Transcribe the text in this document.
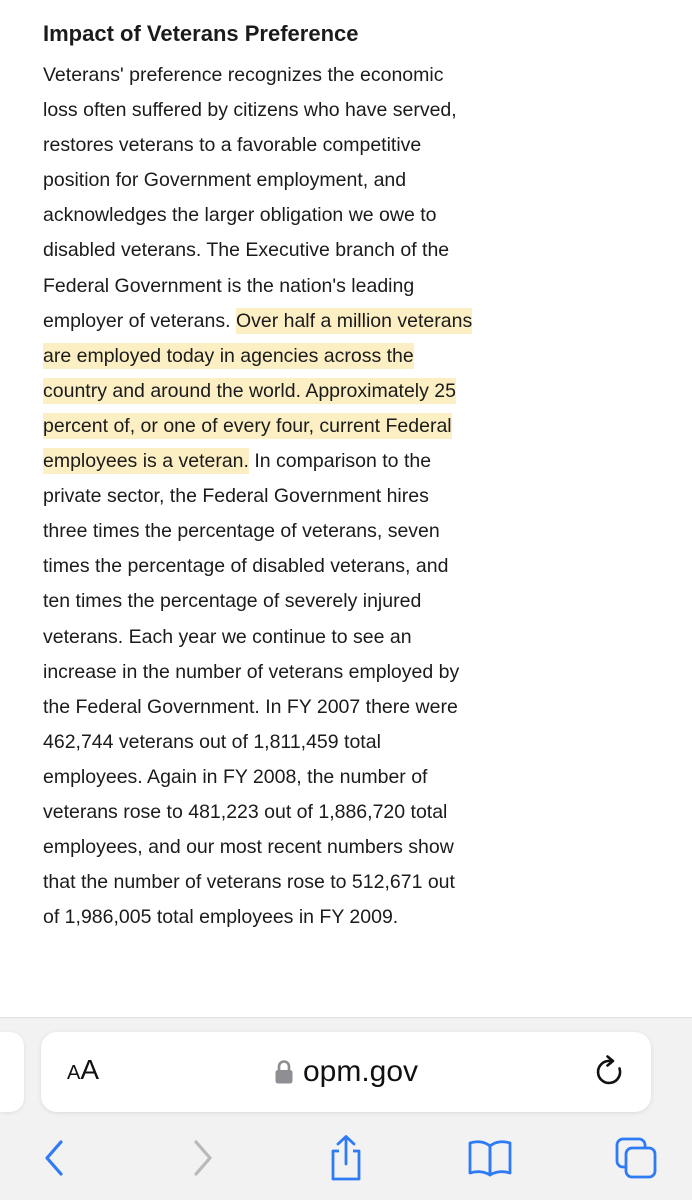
Impact of Veterans Preference

Veterans' preference recognizes the economic loss often suffered by citizens who have served, restores veterans to a favorable competitive position for Government employment, and acknowledges the larger obligation we owe to disabled veterans. The Executive branch of the Federal Government is the nation's leading employer of veterans. Over half a million veterans are employed today in agencies across the country and around the world. Approximately 25 percent of, or one of every four, current Federal employees is a veteran. In comparison to the private sector, the Federal Government hires three times the percentage of veterans, seven times the percentage of disabled veterans, and ten times the percentage of severely injured veterans. Each year we continue to see an increase in the number of veterans employed by the Federal Government. In FY 2007 there were 462,744 veterans out of 1,811,459 total employees. Again in FY 2008, the number of veterans rose to 481,223 out of 1,886,720 total employees, and our most recent numbers show that the number of veterans rose to 512,671 out of 1,986,005 total employees in FY 2009.

A A	opm.gov
